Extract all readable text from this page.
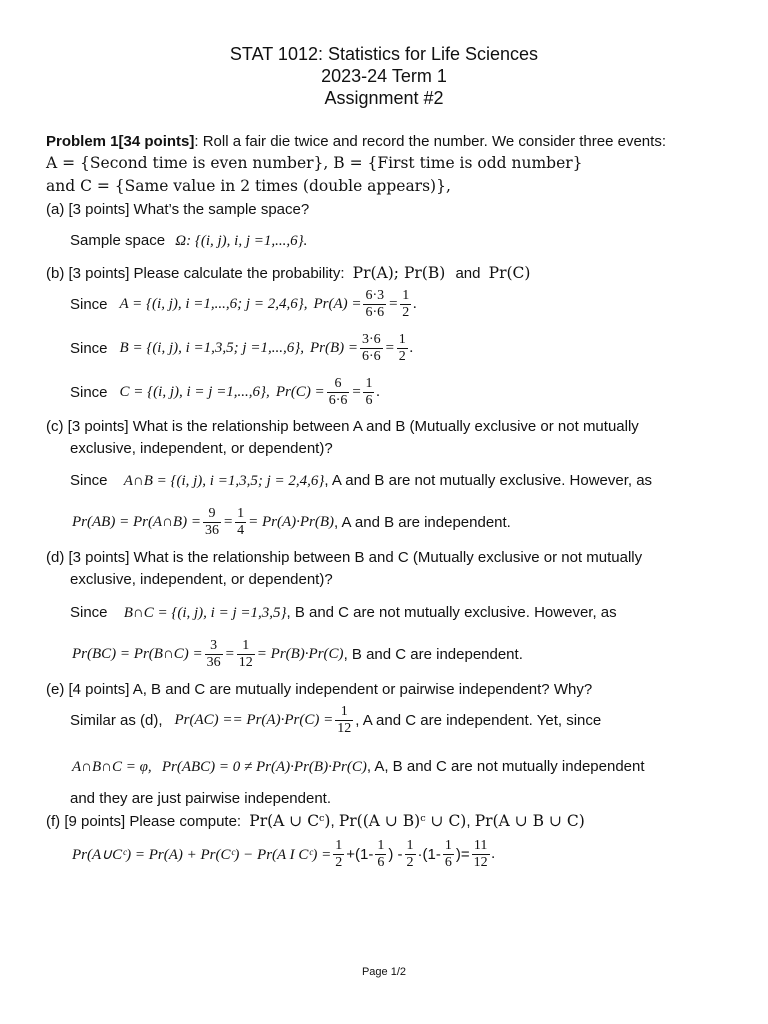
STAT 1012: Statistics for Life Sciences
2023-24 Term 1
Assignment #2
Problem 1[34 points]: Roll a fair die twice and record the number. We consider three events:
A = {Second time is even number}, B = {First time is odd number}
and C = {Same value in 2 times (double appears)},
(a) [3 points] What’s the sample space?
Sample space Ω: {(i, j), i, j =1,...,6}.
(b) [3 points] Please calculate the probability: Pr(A); Pr(B) and Pr(C)
Since A = {(i, j), i =1,...,6; j = 2,4,6}, $Pr(A) = \frac{6\cdot 3}{6\cdot 6} = \frac{1}{2}$ .
Since B = {(i, j), i =1,3,5; j =1,...,6}, $Pr(B) = \frac{3\cdot 6}{6\cdot 6} = \frac{1}{2}$ .
Since C = {(i, j), i = j =1,...,6}, $Pr(C) = \frac{6}{6\cdot 6} = \frac{1}{6}$ .
(c) [3 points] What is the relationship between A and B (Mutually exclusive or not mutually
exclusive, independent, or dependent)?
Since A∩B = {(i, j), i =1,3,5; j = 2,4,6}, A and B are not mutually exclusive. However, as
Pr(AB) = Pr(A∩B) = $\frac{9}{36} = \frac{1}{4} = Pr(A)\cdot Pr(B)$ , A and B are independent.
(d) [3 points] What is the relationship between B and C (Mutually exclusive or not mutually
exclusive, independent, or dependent)?
Since B∩C = {(i, j), i = j =1,3,5}, B and C are not mutually exclusive. However, as
Pr(BC) = Pr(B∩C) = $\frac{3}{36} = \frac{1}{12} = Pr(B)\cdot Pr(C)$ , B and C are independent.
(e) [4 points] A, B and C are mutually independent or pairwise independent? Why?
Similar as (d), $Pr(AC) == Pr(A)\cdot Pr(C) = \frac{1}{12}$ , A and C are independent. Yet, since
A∩B∩C = φ, Pr(ABC) = 0 ≠ Pr(A)·Pr(B)·Pr(C), A, B and C are not mutually independent
and they are just pairwise independent.
(f) [9 points] Please compute: Pr(A ∪ Cᶜ), Pr((A ∪ B)ᶜ ∪ C), Pr(A ∪ B ∪ C)
Pr(A∪Cᶜ) = Pr(A) + Pr(Cᶜ) − Pr(A I Cᶜ) = $\frac{1}{2} +(1- \frac{1}{6}$ ) - $\frac{1}{2} \cdot(1- \frac{1}{6}$ )= $\frac{11}{12}$ .
Page 1/2
